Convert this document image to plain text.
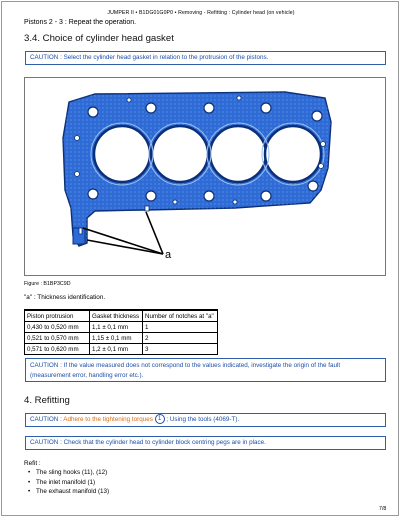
JUMPER II • B1DG01G0P0 • Removing - Refitting : Cylinder head (on vehicle)
Pistons 2 - 3 : Repeat the operation.
3.4. Choice of cylinder head gasket
CAUTION : Select the cylinder head gasket in relation to the protrusion of the pistons.
a
Figure : B1BP3C9D
"a" : Thickness identification.
Piston protrusion	Gasket thickness	Number of notches at "a"
0,430 to 0,520 mm	1,1 ± 0,1 mm	1
0,521 to 0,570 mm	1,15 ± 0,1 mm	2
0,571 to 0,620 mm	1,2 ± 0,1 mm	3
CAUTION : If the value measured does not correspond to the values indicated, investigate the origin of the fault (measurement error, handling error etc.).
4. Refitting
CAUTION : Adhere to the tightening torques 1 ; Using the tools (4069-T).
CAUTION : Check that the cylinder head to cylinder block centring pegs are in place.
Refit :
• The sling hooks (11), (12)
• The inlet manifold (1)
• The exhaust manifold (13)
7/8
